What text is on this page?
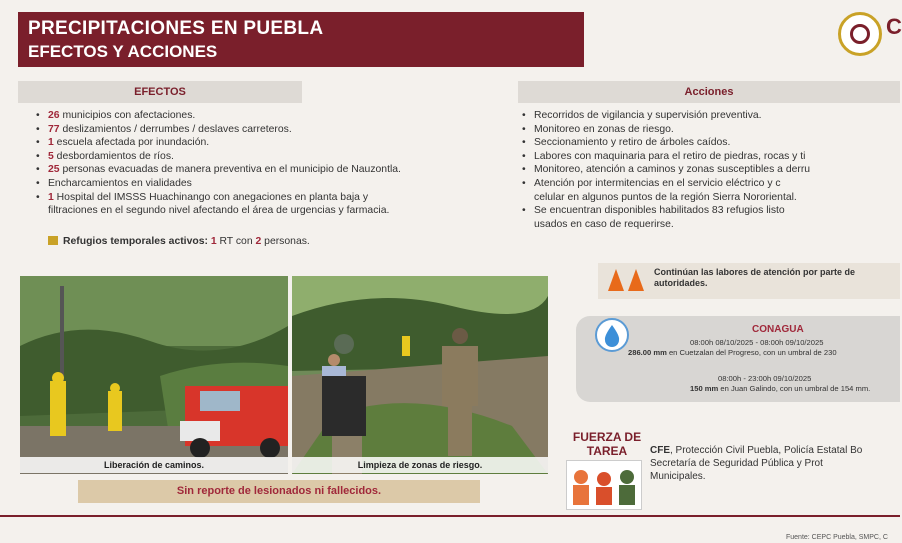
PRECIPITACIONES EN PUEBLA
EFECTOS Y ACCIONES
C
EFECTOS
• 26 municipios con afectaciones.
• 77 deslizamientos / derrumbes / deslaves carreteros.
• 1 escuela afectada por inundación.
• 5 desbordamientos de ríos.
• 25 personas evacuadas de manera preventiva en el municipio de Nauzontla.
• Encharcamientos en vialidades
• 1 Hospital del IMSSS Huachinango con anegaciones en planta baja y
filtraciones en el segundo nivel afectando el área de urgencias y farmacia.
Refugios temporales activos: 1 RT con 2 personas.
Liberación de caminos.	Limpieza de zonas de riesgo.
Sin reporte de lesionados ni fallecidos.
Acciones
• Recorridos de vigilancia y supervisión preventiva.
• Monitoreo en zonas de riesgo.
• Seccionamiento y retiro de árboles caídos.
• Labores con maquinaria para el retiro de piedras, rocas y ti
• Monitoreo, atención a caminos y zonas susceptibles a derru
• Atención por intermitencias en el servicio eléctrico y c
celular en algunos puntos de la región Sierra Nororiental.
• Se encuentran disponibles habilitados 83 refugios listo
usados en caso de requerirse.
Continúan las labores de atención por parte de
autoridades.
CONAGUA
08:00h 08/10/2025 - 08:00h 09/10/2025
286.00 mm en Cuetzalan del Progreso, con un umbral de 230
08:00h - 23:00h 09/10/2025
150 mm en Juan Galindo, con un umbral de 154 mm.
FUERZA DE TAREA	CFE, Protección Civil Puebla, Policía Estatal Bo
Secretaría de Seguridad Pública y Prot
Municipales.
Fuente: CEPC Puebla, SMPC, C
